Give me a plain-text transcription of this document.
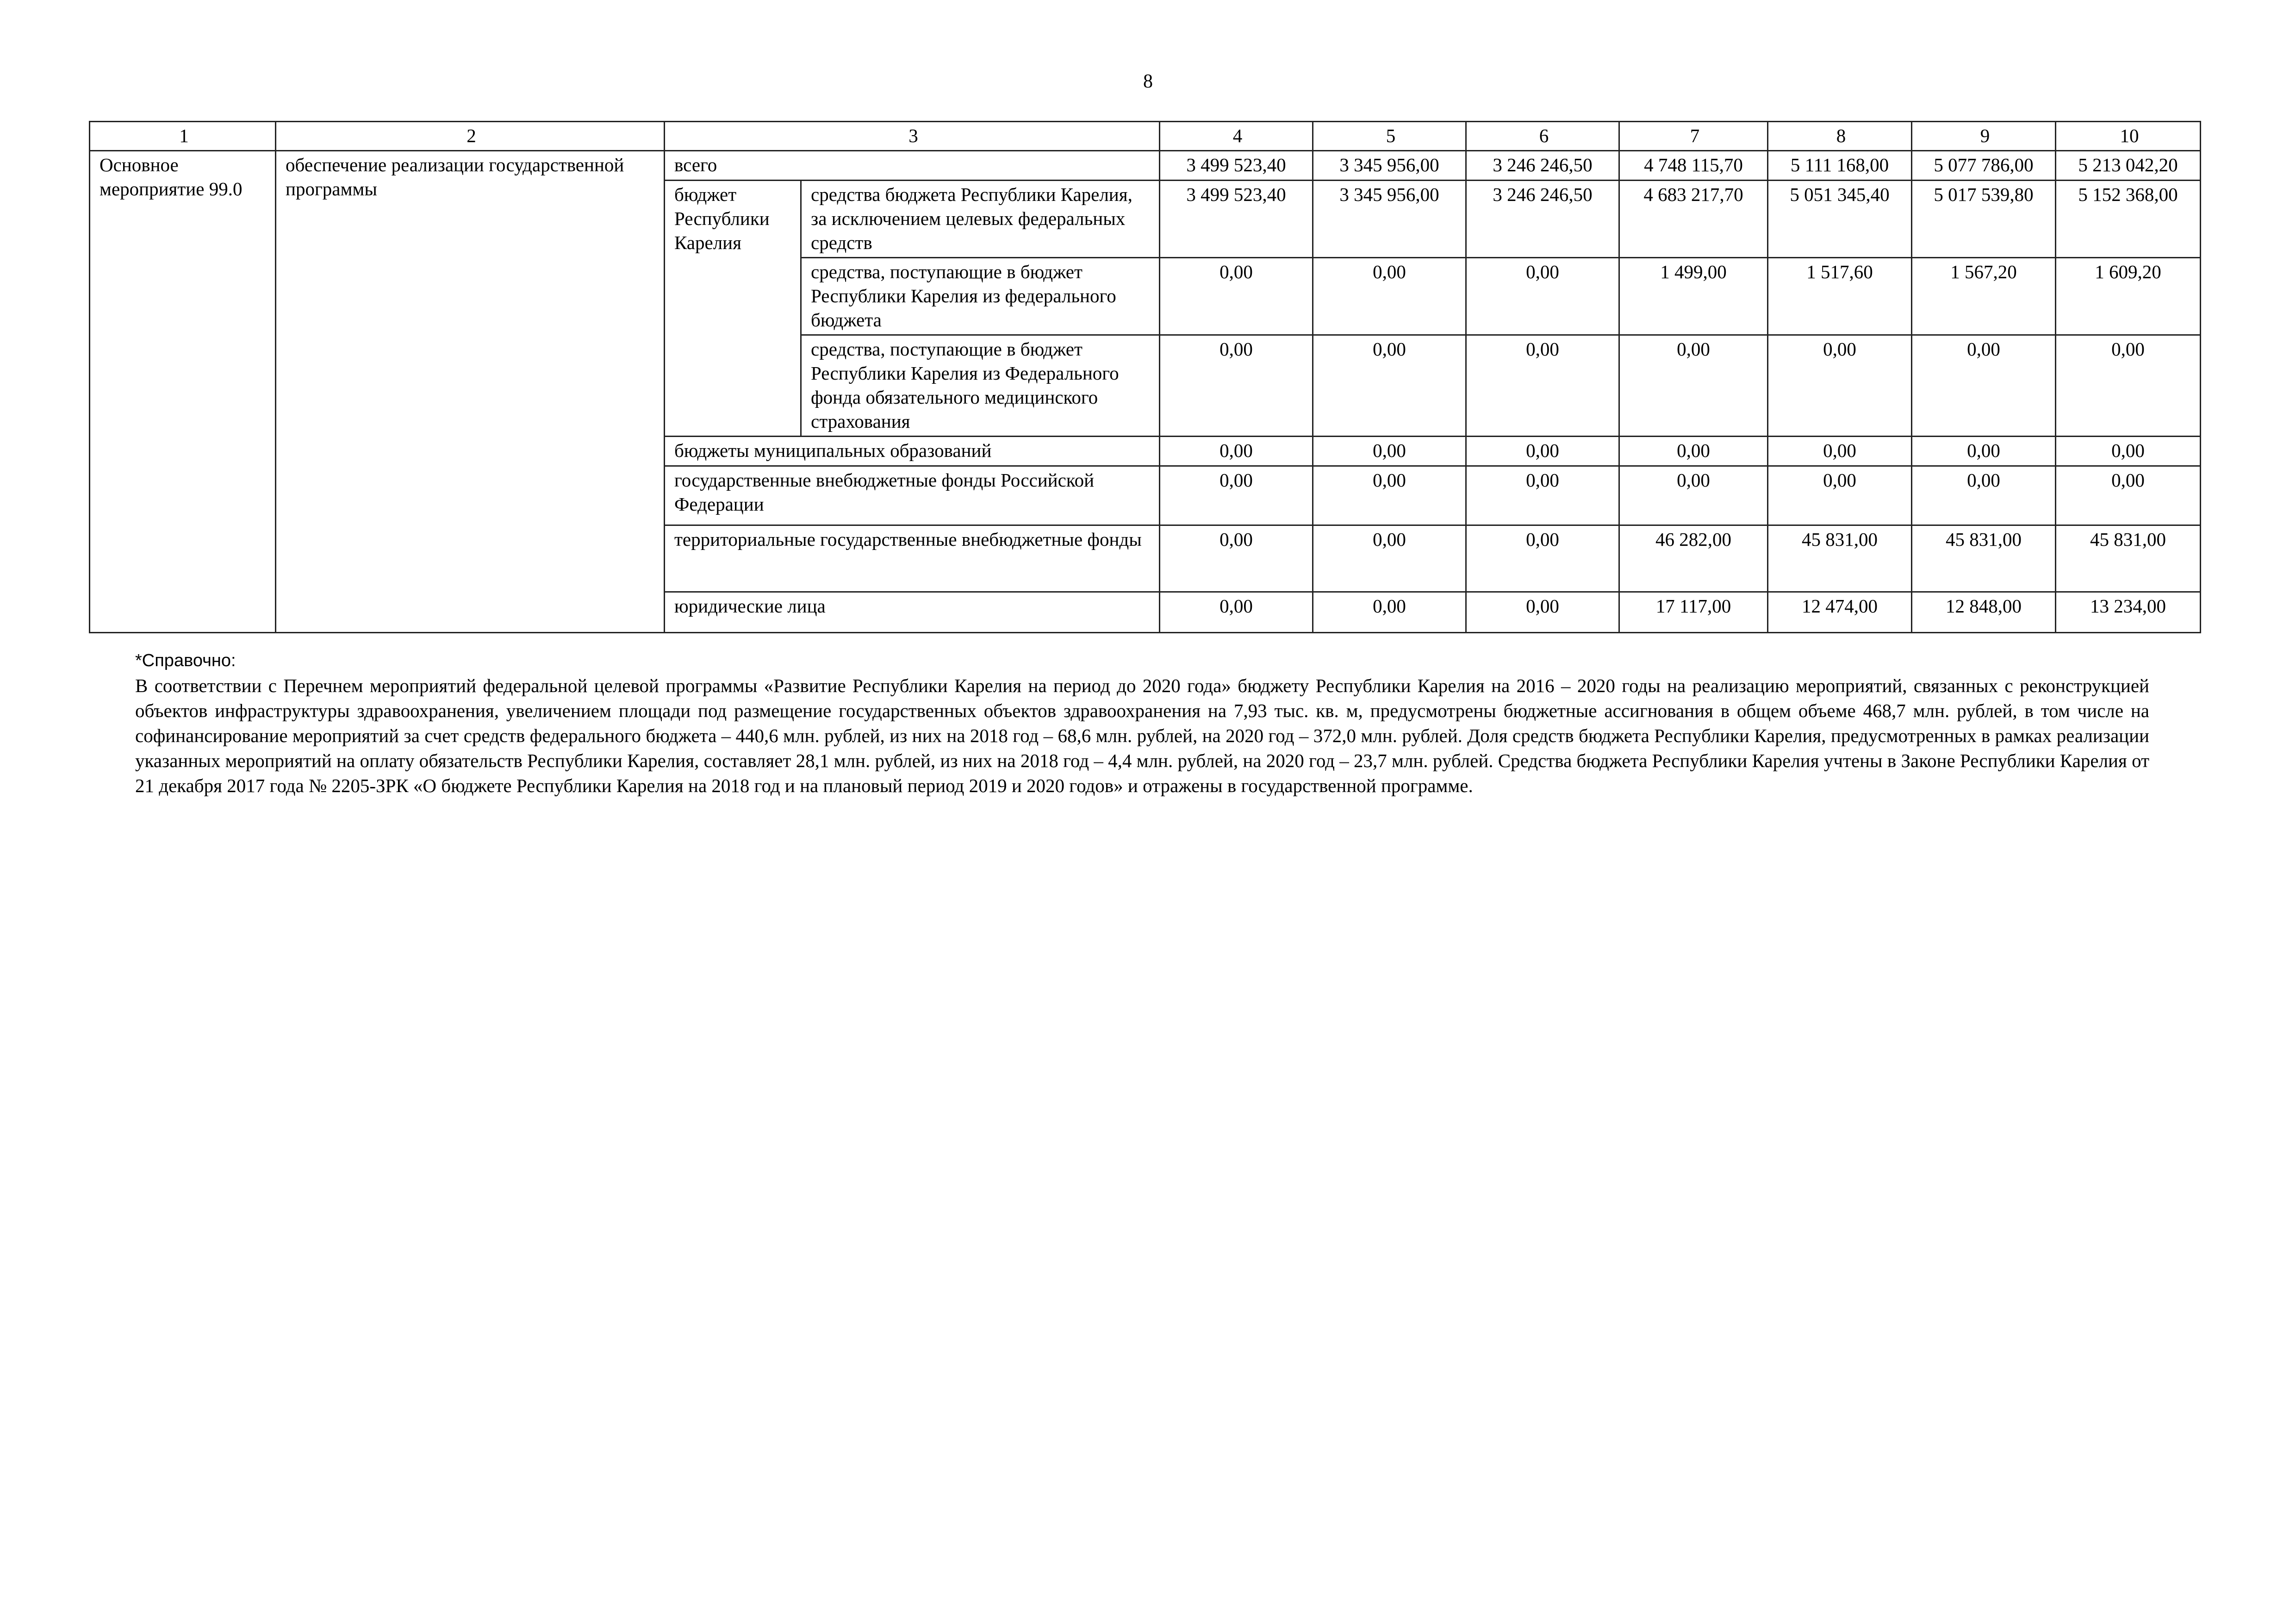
8
1	2	3		4	5	6	7	8	9	10
Основное мероприятие 99.0	обеспечение реализации государственной программы	всего		3 499 523,40	3 345 956,00	3 246 246,50	4 748 115,70	5 111 168,00	5 077 786,00	5 213 042,20
		бюджет Республики Карелия	средства бюджета Республики Карелия, за исключением целевых федеральных средств	3 499 523,40	3 345 956,00	3 246 246,50	4 683 217,70	5 051 345,40	5 017 539,80	5 152 368,00
			средства, поступающие в бюджет Республики Карелия из федерального бюджета	0,00	0,00	0,00	1 499,00	1 517,60	1 567,20	1 609,20
			средства, поступающие в бюджет Республики Карелия из Федерального фонда обязательного медицинского страхования	0,00	0,00	0,00	0,00	0,00	0,00	0,00
		бюджеты муниципальных образований		0,00	0,00	0,00	0,00	0,00	0,00	0,00
		государственные внебюджетные фонды Российской Федерации		0,00	0,00	0,00	0,00	0,00	0,00	0,00
		территориальные государственные внебюджетные фонды		0,00	0,00	0,00	46 282,00	45 831,00	45 831,00	45 831,00
		юридические лица		0,00	0,00	0,00	17 117,00	12 474,00	12 848,00	13 234,00
*Справочно:

В соответствии с Перечнем мероприятий федеральной целевой программы «Развитие Республики Карелия на период до 2020 года» бюджету Республики Карелия на 2016 – 2020 годы на реализацию мероприятий, связанных с реконструкцией объектов инфраструктуры здравоохранения, увеличением площади под размещение государственных объектов здравоохранения на 7,93 тыс. кв. м, предусмотрены бюджетные ассигнования в общем объеме 468,7 млн. рублей, в том числе на софинансирование мероприятий за счет средств федерального бюджета – 440,6 млн. рублей, из них на 2018 год – 68,6 млн. рублей, на 2020 год – 372,0 млн. рублей. Доля средств бюджета Республики Карелия, предусмотренных в рамках реализации указанных мероприятий на оплату обязательств Республики Карелия, составляет 28,1 млн. рублей, из них на 2018 год – 4,4 млн. рублей, на 2020 год – 23,7 млн. рублей. Средства бюджета Республики Карелия учтены в Законе Республики Карелия от 21 декабря 2017 года № 2205-ЗРК «О бюджете Республики Карелия на 2018 год и на плановый период 2019 и 2020 годов» и отражены в государственной программе.
